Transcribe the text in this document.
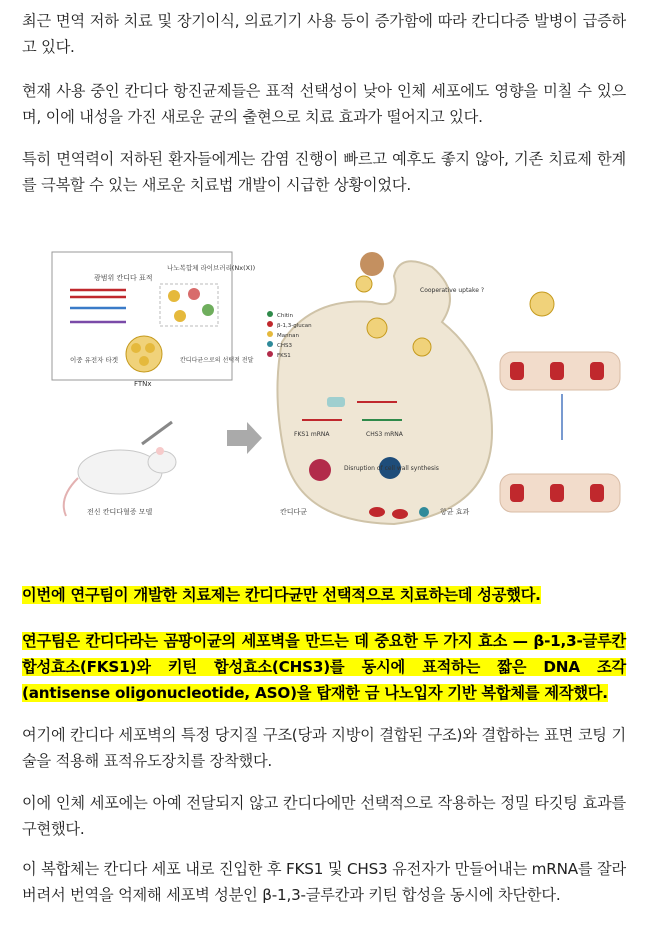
최근 면역 저하 치료 및 장기이식, 의료기기 사용 등이 증가함에 따라 칸디다증 발병이 급증하고 있다.

현재 사용 중인 칸디다 항진균제들은 표적 선택성이 낮아 인체 세포에도 영향을 미칠 수 있으며, 이에 내성을 가진 새로운 균의 출현으로 치료 효과가 떨어지고 있다.

특히 면역력이 저하된 환자들에게는 감염 진행이 빠르고 예후도 좋지 않아, 기존 치료제 한계를 극복할 수 있는 새로운 치료법 개발이 시급한 상황이었다.

광범위 칸디다 표적
나노복합체 라이브러리(Nx(X))
이중 유전자 타겟	칸디다균으로의 선택적 전달
FTNx
전신 칸디다혈증 모델
Cooperative uptake ?
FKS1 mRNA	CHS3 mRNA
Disruption of cell wall synthesis
칸디다균	항균 효과
Chitin
β-1,3-glucan
Mannan
CHS3
FKS1

이번에 연구팀이 개발한 치료제는 칸디다균만 선택적으로 치료하는데 성공했다.

연구팀은 칸디다라는 곰팡이균의 세포벽을 만드는 데 중요한 두 가지 효소 — β-1,3-글루칸 합성효소(FKS1)와 키틴 합성효소(CHS3)를 동시에 표적하는 짧은 DNA 조각(antisense oligonucleotide, ASO)을 탑재한 금 나노입자 기반 복합체를 제작했다.

여기에 칸디다 세포벽의 특정 당지질 구조(당과 지방이 결합된 구조)와 결합하는 표면 코팅 기술을 적용해 표적유도장치를 장착했다.

이에 인체 세포에는 아예 전달되지 않고 칸디다에만 선택적으로 작용하는 정밀 타깃팅 효과를 구현했다.

이 복합체는 칸디다 세포 내로 진입한 후 FKS1 및 CHS3 유전자가 만들어내는 mRNA를 잘라버려서 번역을 억제해 세포벽 성분인 β-1,3-글루칸과 키틴 합성을 동시에 차단한다.
